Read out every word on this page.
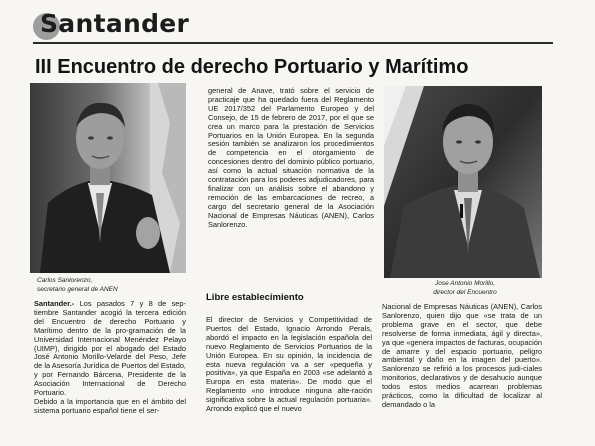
Santander
III Encuentro de derecho Portuario y Marítimo
Carlos Sanlorenzo,
secretario general de ANEN
Jose Antonio Morillo,
director del Encuentro

Santander.- Los pasados 7 y 8 de sep-tiembre Santander acogió la tercera edición del Encuentro de derecho Portuario y Marítimo dentro de la pro-gramación de la Universidad Internacional Menéndez Pelayo (UIMP), dirigido por el abogado del Estado José Antonio Morillo-Velarde del Peso, Jefe de la Asesoría Jurídica de Puertos del Estado, y por Fernando Bárcena, Presidente de la Asociación Internacional de Derecho Portuario.

Debido a la importancia que en el ámbito del sistema portuario español tiene el ser-

general de Anave, trató sobre el servicio de practicaje que ha quedado fuera del Reglamento UE 2017/352 del Parlamento Europeo y del Consejo, de 15 de febrero de 2017, por el que se crea un marco para la prestación de Servicios Portuarios en la Unión Europea. En la segunda sesión también se analizaron los procedimientos de competencia en el otorgamiento de concesiones dentro del dominio público portuario, así como la actual situación normativa de la contratación para los poderes adjudicadores, para finalizar con un análisis sobre el abandono y remoción de las embarcaciones de recreo, a cargo del secretario general de la Asociación Nacional de Empresas Náuticas (ANEN), Carlos Sanlorenzo.

Libre establecimiento

El director de Servicios y Competitividad de Puertos del Estado, Ignacio Arrondo Perals, abordó el impacto en la legislación española del nuevo Reglamento de Servicios Portuarios de la Unión Europea. En su opinión, la incidencia de esta nueva regulación va a ser «pequeña y positiva», ya que España en 2003 «se adelantó a Europa en esta materia». De modo que el Reglamento «no introduce ninguna alte-ración significativa sobre la actual regulación portuaria». Arrondo explicó que el nuevo

Nacional de Empresas Náuticas (ANEN), Carlos Sanlorenzo, quien dijo que «se trata de un problema grave en el sector, que debe resolverse de forma inmediata, ágil y directa», ya que «genera impactos de facturas, ocupación de amarre y del espacio portuario, peligro ambiental y daño en la imagen del puerto». Sanlorenzo se refirió a los procesos judi-ciales monitorios, declarativos y de desahucio aunque todos estos medios acarrean problemas prácticos, como la dificultad de localizar al demandado o la
